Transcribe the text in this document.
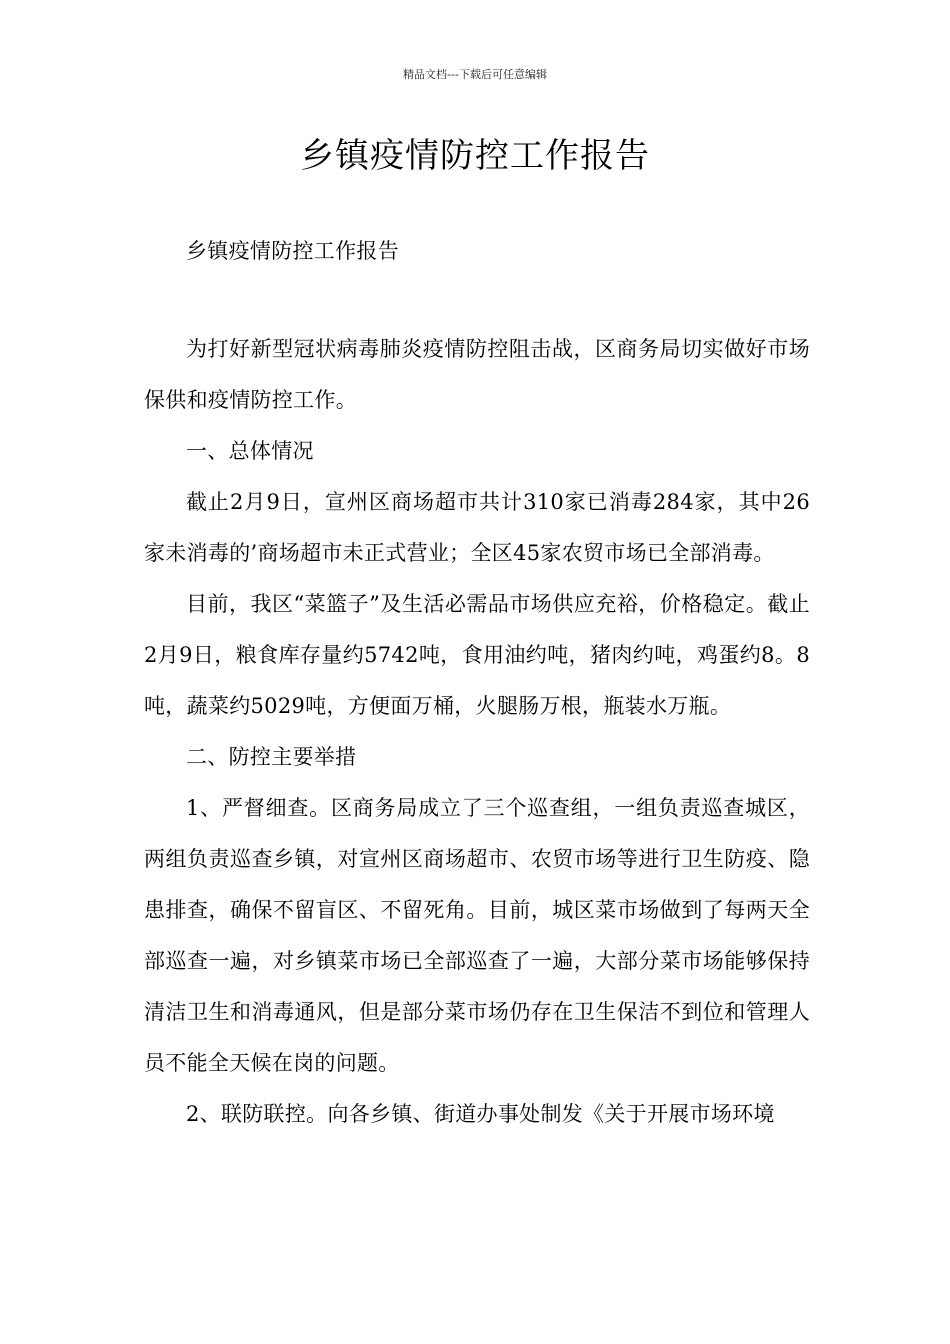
精品文档---下载后可任意编辑
乡镇疫情防控工作报告

乡镇疫情防控工作报告

为打好新型冠状病毒肺炎疫情防控阻击战，区商务局切实做好市场保供和疫情防控工作。

一、总体情况

截止2月9日，宣州区商场超市共计310家已消毒284家，其中26家未消毒的’商场超市未正式营业；全区45家农贸市场已全部消毒。

目前，我区“菜篮子”及生活必需品市场供应充裕，价格稳定。截止2月9日，粮食库存量约5742吨，食用油约吨，猪肉约吨，鸡蛋约8。8吨，蔬菜约5029吨，方便面万桶，火腿肠万根，瓶装水万瓶。

二、防控主要举措

1、严督细查。区商务局成立了三个巡查组，一组负责巡查城区，两组负责巡查乡镇，对宣州区商场超市、农贸市场等进行卫生防疫、隐患排查，确保不留盲区、不留死角。目前，城区菜市场做到了每两天全部巡查一遍，对乡镇菜市场已全部巡查了一遍，大部分菜市场能够保持清洁卫生和消毒通风，但是部分菜市场仍存在卫生保洁不到位和管理人员不能全天候在岗的问题。

2、联防联控。向各乡镇、街道办事处制发《关于开展市场环境
